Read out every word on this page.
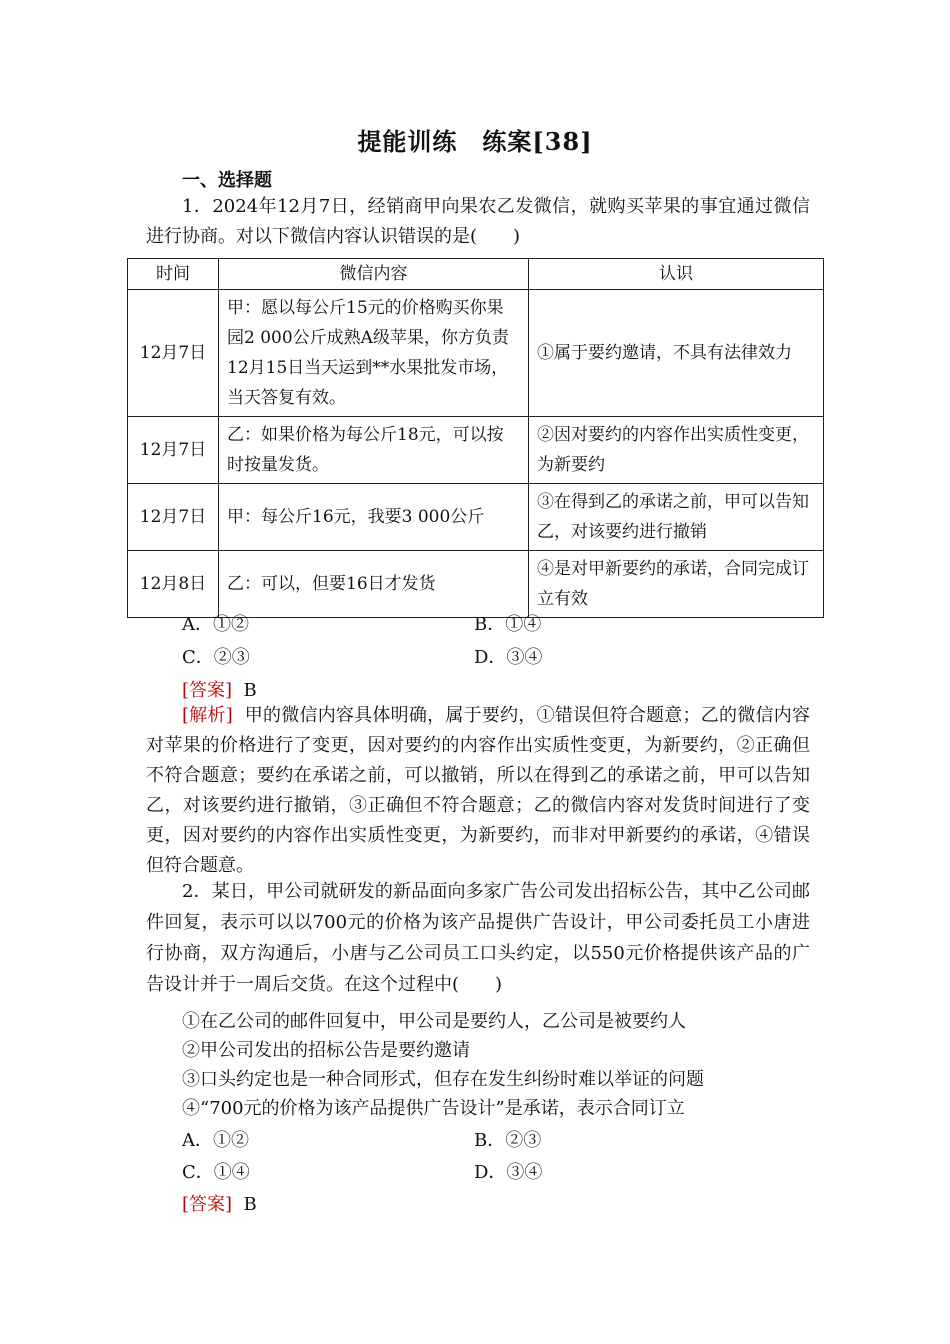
提能训练　练案[38]
一、选择题
1．2024年12月7日，经销商甲向果农乙发微信，就购买苹果的事宜通过微信进行协商。对以下微信内容认识错误的是(　　)
时间	微信内容	认识
12月7日	甲：愿以每公斤15元的价格购买你果园2 000公斤成熟A级苹果，你方负责12月15日当天运到**水果批发市场，当天答复有效。	①属于要约邀请，不具有法律效力
12月7日	乙：如果价格为每公斤18元，可以按时按量发货。	②因对要约的内容作出实质性变更，为新要约
12月7日	甲：每公斤16元，我要3 000公斤	③在得到乙的承诺之前，甲可以告知乙，对该要约进行撤销
12月8日	乙：可以，但要16日才发货	④是对甲新要约的承诺，合同完成订立有效
A．①②	B．①④
C．②③	D．③④
[答案] B
[解析] 甲的微信内容具体明确，属于要约，①错误但符合题意；乙的微信内容对苹果的价格进行了变更，因对要约的内容作出实质性变更，为新要约，②正确但不符合题意；要约在承诺之前，可以撤销，所以在得到乙的承诺之前，甲可以告知乙，对该要约进行撤销，③正确但不符合题意；乙的微信内容对发货时间进行了变更，因对要约的内容作出实质性变更，为新要约，而非对甲新要约的承诺，④错误但符合题意。
2．某日，甲公司就研发的新品面向多家广告公司发出招标公告，其中乙公司邮件回复，表示可以以700元的价格为该产品提供广告设计，甲公司委托员工小唐进行协商，双方沟通后，小唐与乙公司员工口头约定，以550元价格提供该产品的广告设计并于一周后交货。在这个过程中(　　)
①在乙公司的邮件回复中，甲公司是要约人，乙公司是被要约人
②甲公司发出的招标公告是要约邀请
③口头约定也是一种合同形式，但存在发生纠纷时难以举证的问题
④“700元的价格为该产品提供广告设计”是承诺，表示合同订立
A．①②	B．②③
C．①④	D．③④
[答案] B
